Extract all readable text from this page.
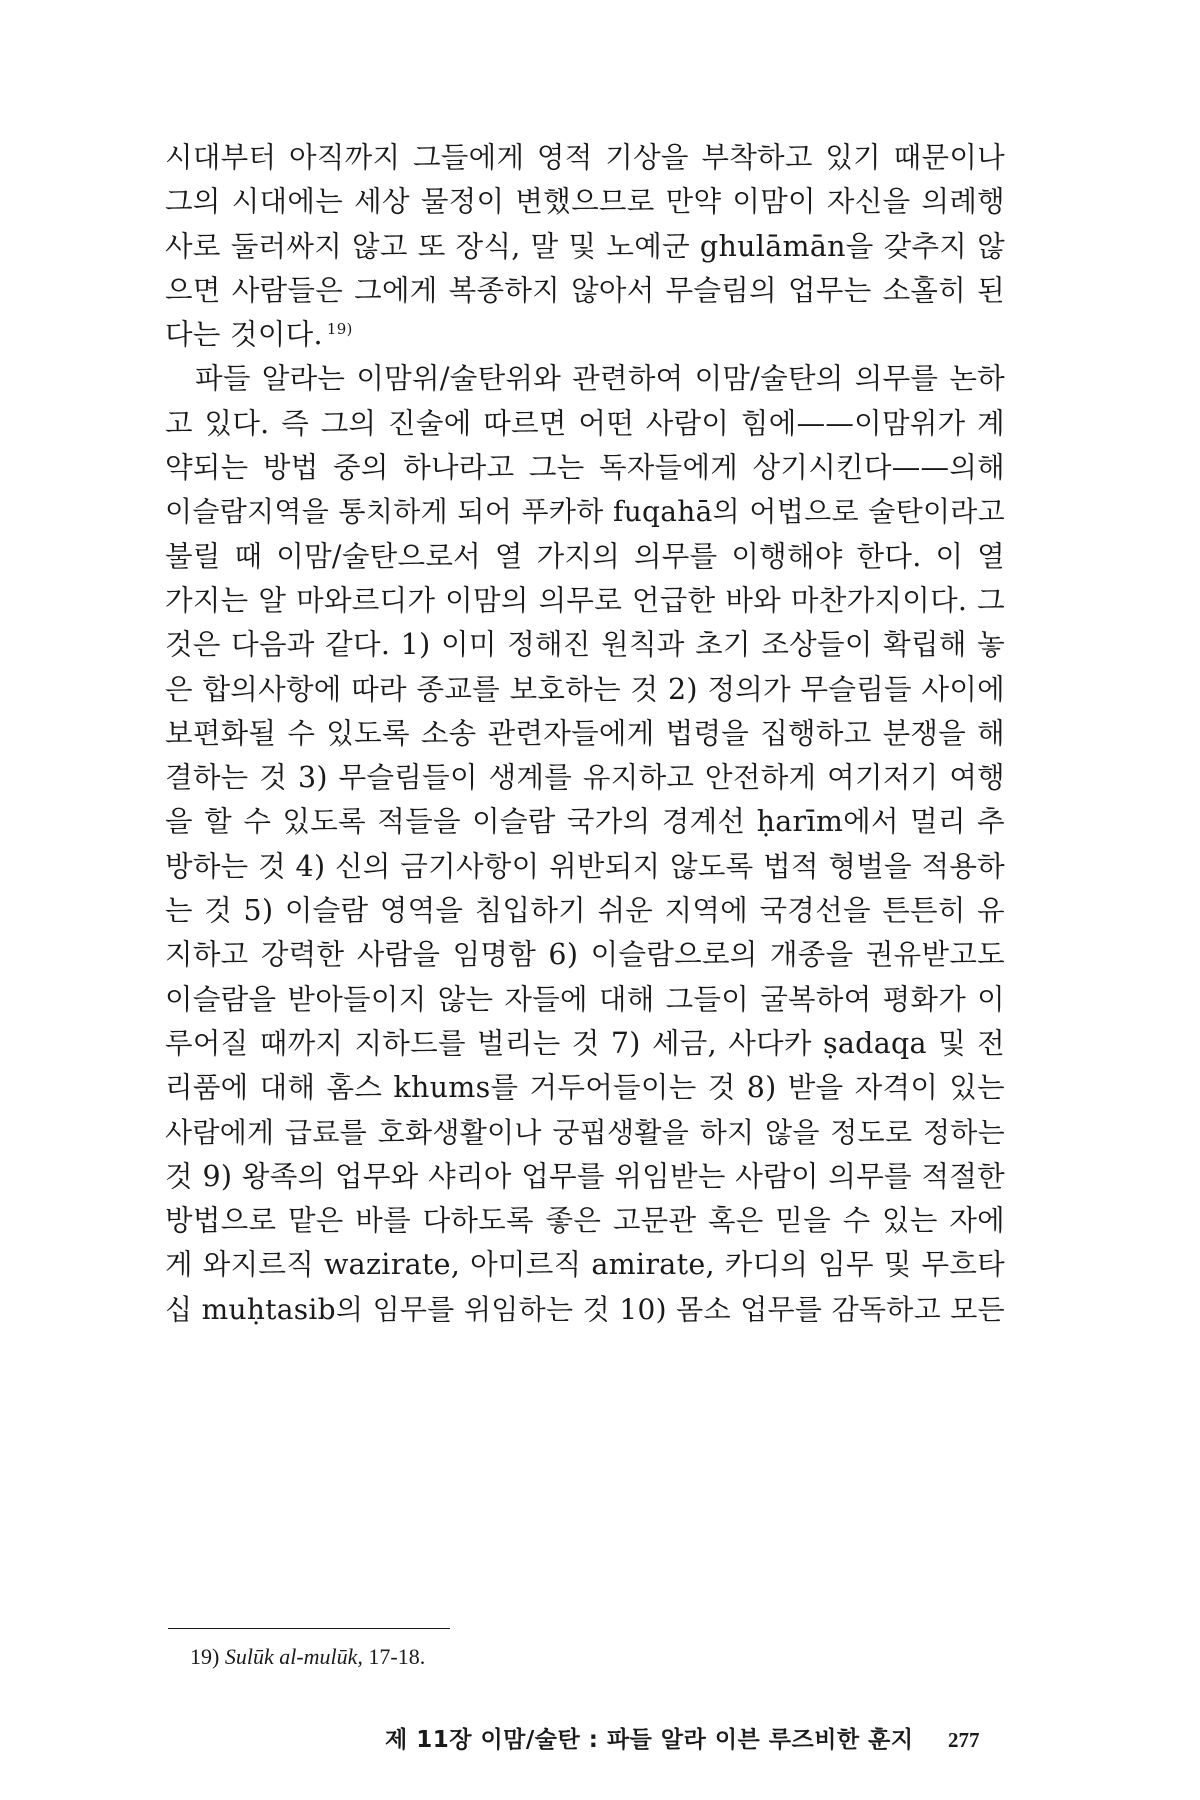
시대부터 아직까지 그들에게 영적 기상을 부착하고 있기 때문이나
그의 시대에는 세상 물정이 변했으므로 만약 이맘이 자신을 의례행
사로 둘러싸지 않고 또 장식, 말 및 노예군 ghulāmān을 갖추지 않
으면 사람들은 그에게 복종하지 않아서 무슬림의 업무는 소홀히 된
다는 것이다. $^{19)}$
파들 알라는 이맘위/술탄위와 관련하여 이맘/술탄의 의무를 논하
고 있다. 즉 그의 진술에 따르면 어떤 사람이 힘에——이맘위가 계
약되는 방법 중의 하나라고 그는 독자들에게 상기시킨다——의해
이슬람지역을 통치하게 되어 푸카하 fuqahā의 어법으로 술탄이라고
불릴 때 이맘/술탄으로서 열 가지의 의무를 이행해야 한다. 이 열
가지는 알 마와르디가 이맘의 의무로 언급한 바와 마찬가지이다. 그
것은 다음과 같다. 1) 이미 정해진 원칙과 초기 조상들이 확립해 놓
은 합의사항에 따라 종교를 보호하는 것 2) 정의가 무슬림들 사이에
보편화될 수 있도록 소송 관련자들에게 법령을 집행하고 분쟁을 해
결하는 것 3) 무슬림들이 생계를 유지하고 안전하게 여기저기 여행
을 할 수 있도록 적들을 이슬람 국가의 경계선 ḥarīm에서 멀리 추
방하는 것 4) 신의 금기사항이 위반되지 않도록 법적 형벌을 적용하
는 것 5) 이슬람 영역을 침입하기 쉬운 지역에 국경선을 튼튼히 유
지하고 강력한 사람을 임명함 6) 이슬람으로의 개종을 권유받고도
이슬람을 받아들이지 않는 자들에 대해 그들이 굴복하여 평화가 이
루어질 때까지 지하드를 벌리는 것 7) 세금, 사다카 ṣadaqa 및 전
리품에 대해 홈스 khums를 거두어들이는 것 8) 받을 자격이 있는
사람에게 급료를 호화생활이나 궁핍생활을 하지 않을 정도로 정하는
것 9) 왕족의 업무와 샤리아 업무를 위임받는 사람이 의무를 적절한
방법으로 맡은 바를 다하도록 좋은 고문관 혹은 믿을 수 있는 자에
게 와지르직 wazirate, 아미르직 amirate, 카디의 임무 및 무흐타
십 muḥtasib의 임무를 위임하는 것 10) 몸소 업무를 감독하고 모든
19) Sulūk al-mulūk, 17-18.
제 11장 이맘/술탄 : 파들 알라 이븐 루즈비한 훈지 277
